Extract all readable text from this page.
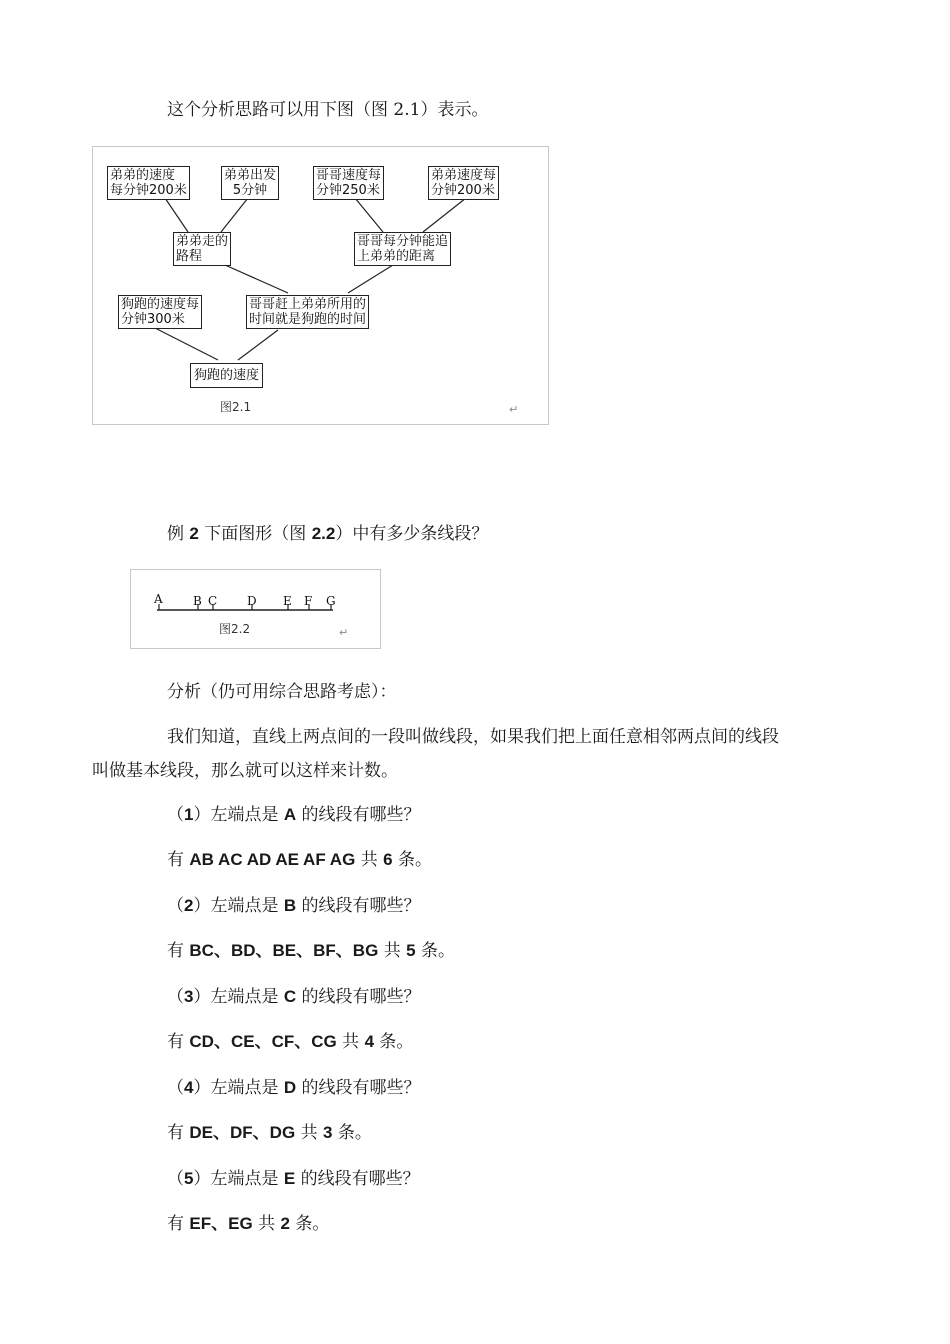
这个分析思路可以用下图（图 2.1）表示。
弟弟的速度
每分钟200米
弟弟出发
5分钟
哥哥速度每
分钟250米
弟弟速度每
分钟200米
弟弟走的
路程
哥哥每分钟能追
上弟弟的距离
狗跑的速度每
分钟300米
哥哥赶上弟弟所用的
时间就是狗跑的时间
狗跑的速度
图2.1	↵
例 2 下面图形（图 2.2）中有多少条线段？
A	B C D E F G
图2.2	↵
分析（仍可用综合思路考虑）：
我们知道，直线上两点间的一段叫做线段，如果我们把上面任意相邻两点间的线段
叫做基本线段，那么就可以这样来计数。
（1）左端点是 A 的线段有哪些？
有 AB AC AD AE AF AG 共 6 条。
（2）左端点是 B 的线段有哪些？
有 BC、BD、BE、BF、BG 共 5 条。
（3）左端点是 C 的线段有哪些？
有 CD、CE、CF、CG 共 4 条。
（4）左端点是 D 的线段有哪些？
有 DE、DF、DG 共 3 条。
（5）左端点是 E 的线段有哪些？
有 EF、EG 共 2 条。
